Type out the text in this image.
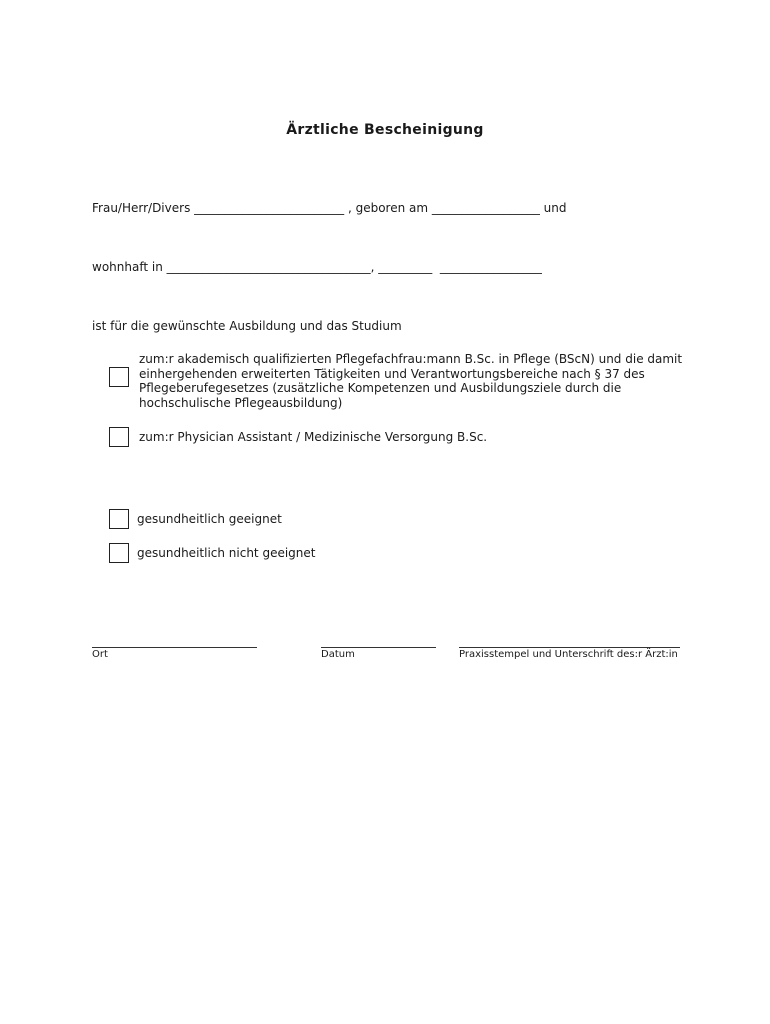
Ärztliche Bescheinigung
Frau/Herr/Divers _________________________ , geboren am __________________ und
wohnhaft in __________________________________, _________  _________________
ist für die gewünschte Ausbildung und das Studium
zum:r akademisch qualifizierten Pflegefachfrau:mann B.Sc. in Pflege (BScN) und die damit einhergehenden erweiterten Tätigkeiten und Verantwortungsbereiche nach § 37 des Pflegeberufegesetzes (zusätzliche Kompetenzen und Ausbildungsziele durch die hochschulische Pflegeausbildung)
zum:r Physician Assistant / Medizinische Versorgung B.Sc.
gesundheitlich geeignet
gesundheitlich nicht geeignet
Ort	Datum	Praxisstempel und Unterschrift des:r Ärzt:in
